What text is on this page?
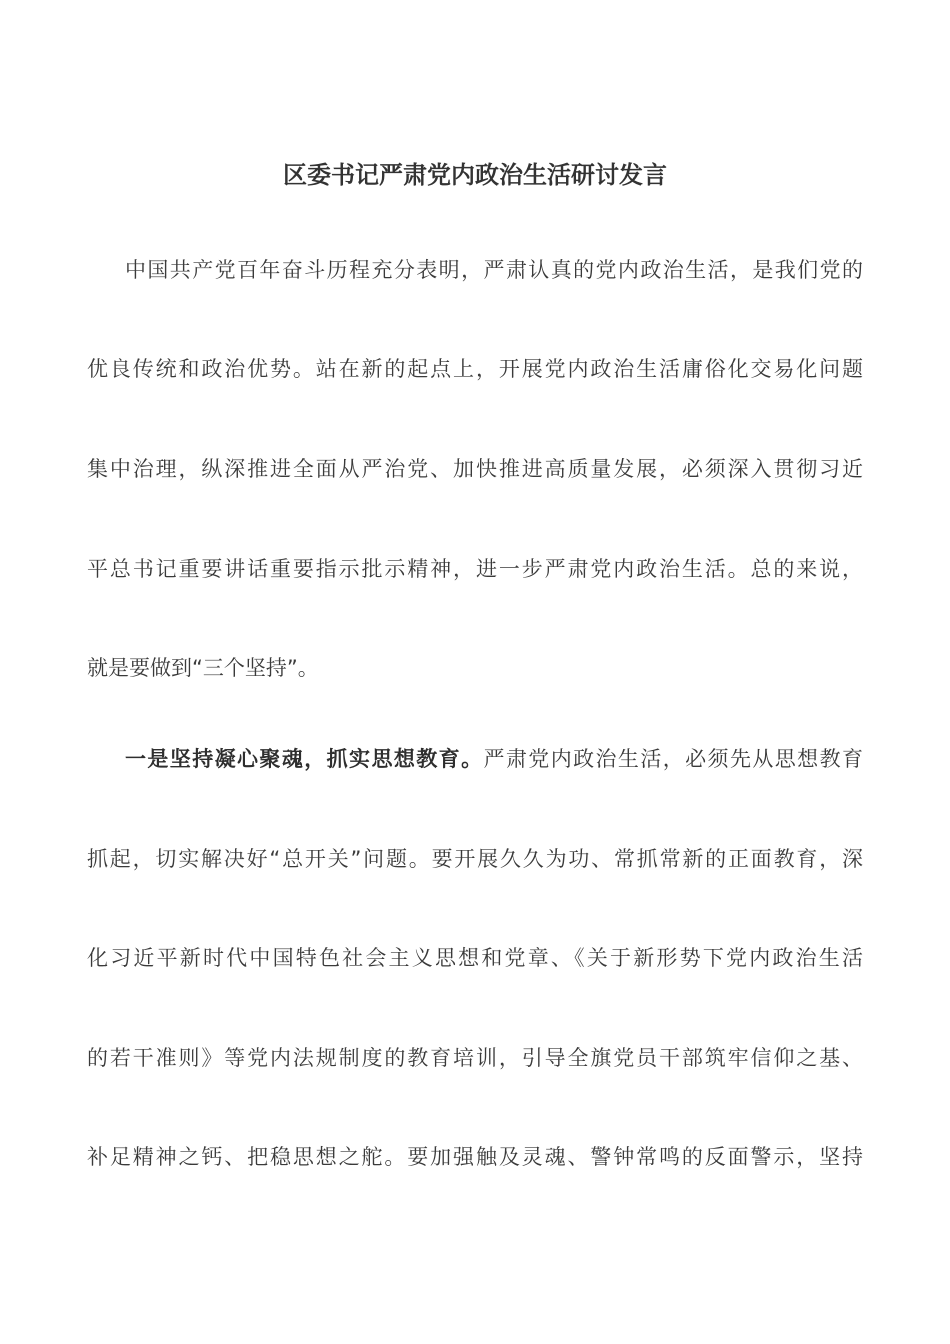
区委书记严肃党内政治生活研讨发言

中国共产党百年奋斗历程充分表明，严肃认真的党内政治生活，是我们党的

优良传统和政治优势。站在新的起点上，开展党内政治生活庸俗化交易化问题

集中治理，纵深推进全面从严治党、加快推进高质量发展，必须深入贯彻习近

平总书记重要讲话重要指示批示精神，进一步严肃党内政治生活。总的来说，

就是要做到“三个坚持”。

一是坚持凝心聚魂，抓实思想教育。严肃党内政治生活，必须先从思想教育

抓起，切实解决好“总开关”问题。要开展久久为功、常抓常新的正面教育，深

化习近平新时代中国特色社会主义思想和党章、《关于新形势下党内政治生活

的若干准则》等党内法规制度的教育培训，引导全旗党员干部筑牢信仰之基、

补足精神之钙、把稳思想之舵。要加强触及灵魂、警钟常鸣的反面警示，坚持
